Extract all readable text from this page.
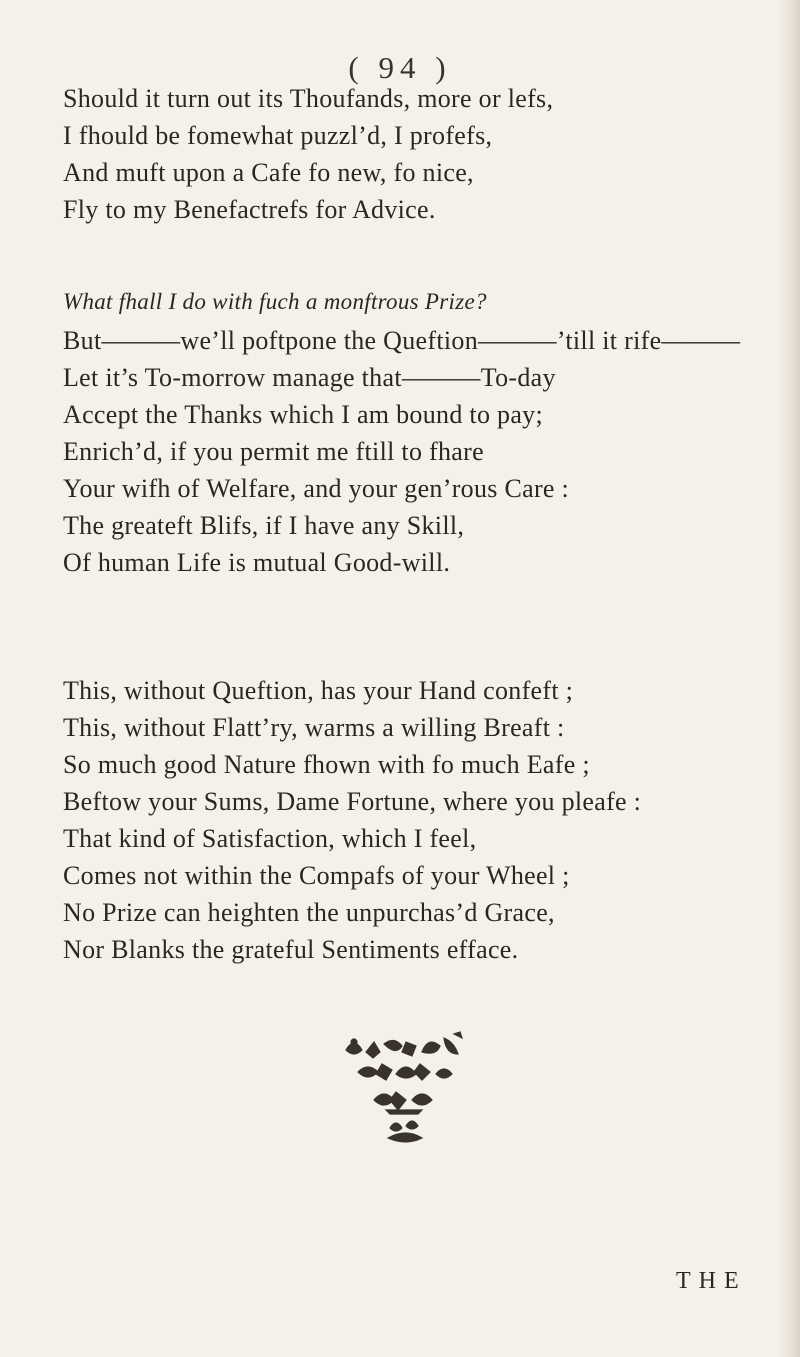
( 94 )
Should it turn out its Thoufands, more or lefs,
I fhould be fomewhat puzzl’d, I profefs,
And muft upon a Cafe fo new, fo nice,
Fly to my Benefactrefs for Advice.
What fhall I do with fuch a monftrous Prize?
But———we’ll poftpone the Queftion———’till it rife———
Let it’s To-morrow manage that———To-day
Accept the Thanks which I am bound to pay;
Enrich’d, if you permit me ftill to fhare
Your wifh of Welfare, and your gen’rous Care :
The greateft Blifs, if I have any Skill,
Of human Life is mutual Good-will.
This, without Queftion, has your Hand confeft ;
This, without Flatt’ry, warms a willing Breaft :
So much good Nature fhown with fo much Eafe ;
Beftow your Sums, Dame Fortune, where you pleafe :
That kind of Satisfaction, which I feel,
Comes not within the Compafs of your Wheel ;
No Prize can heighten the unpurchas’d Grace,
Nor Blanks the grateful Sentiments efface.
THE
